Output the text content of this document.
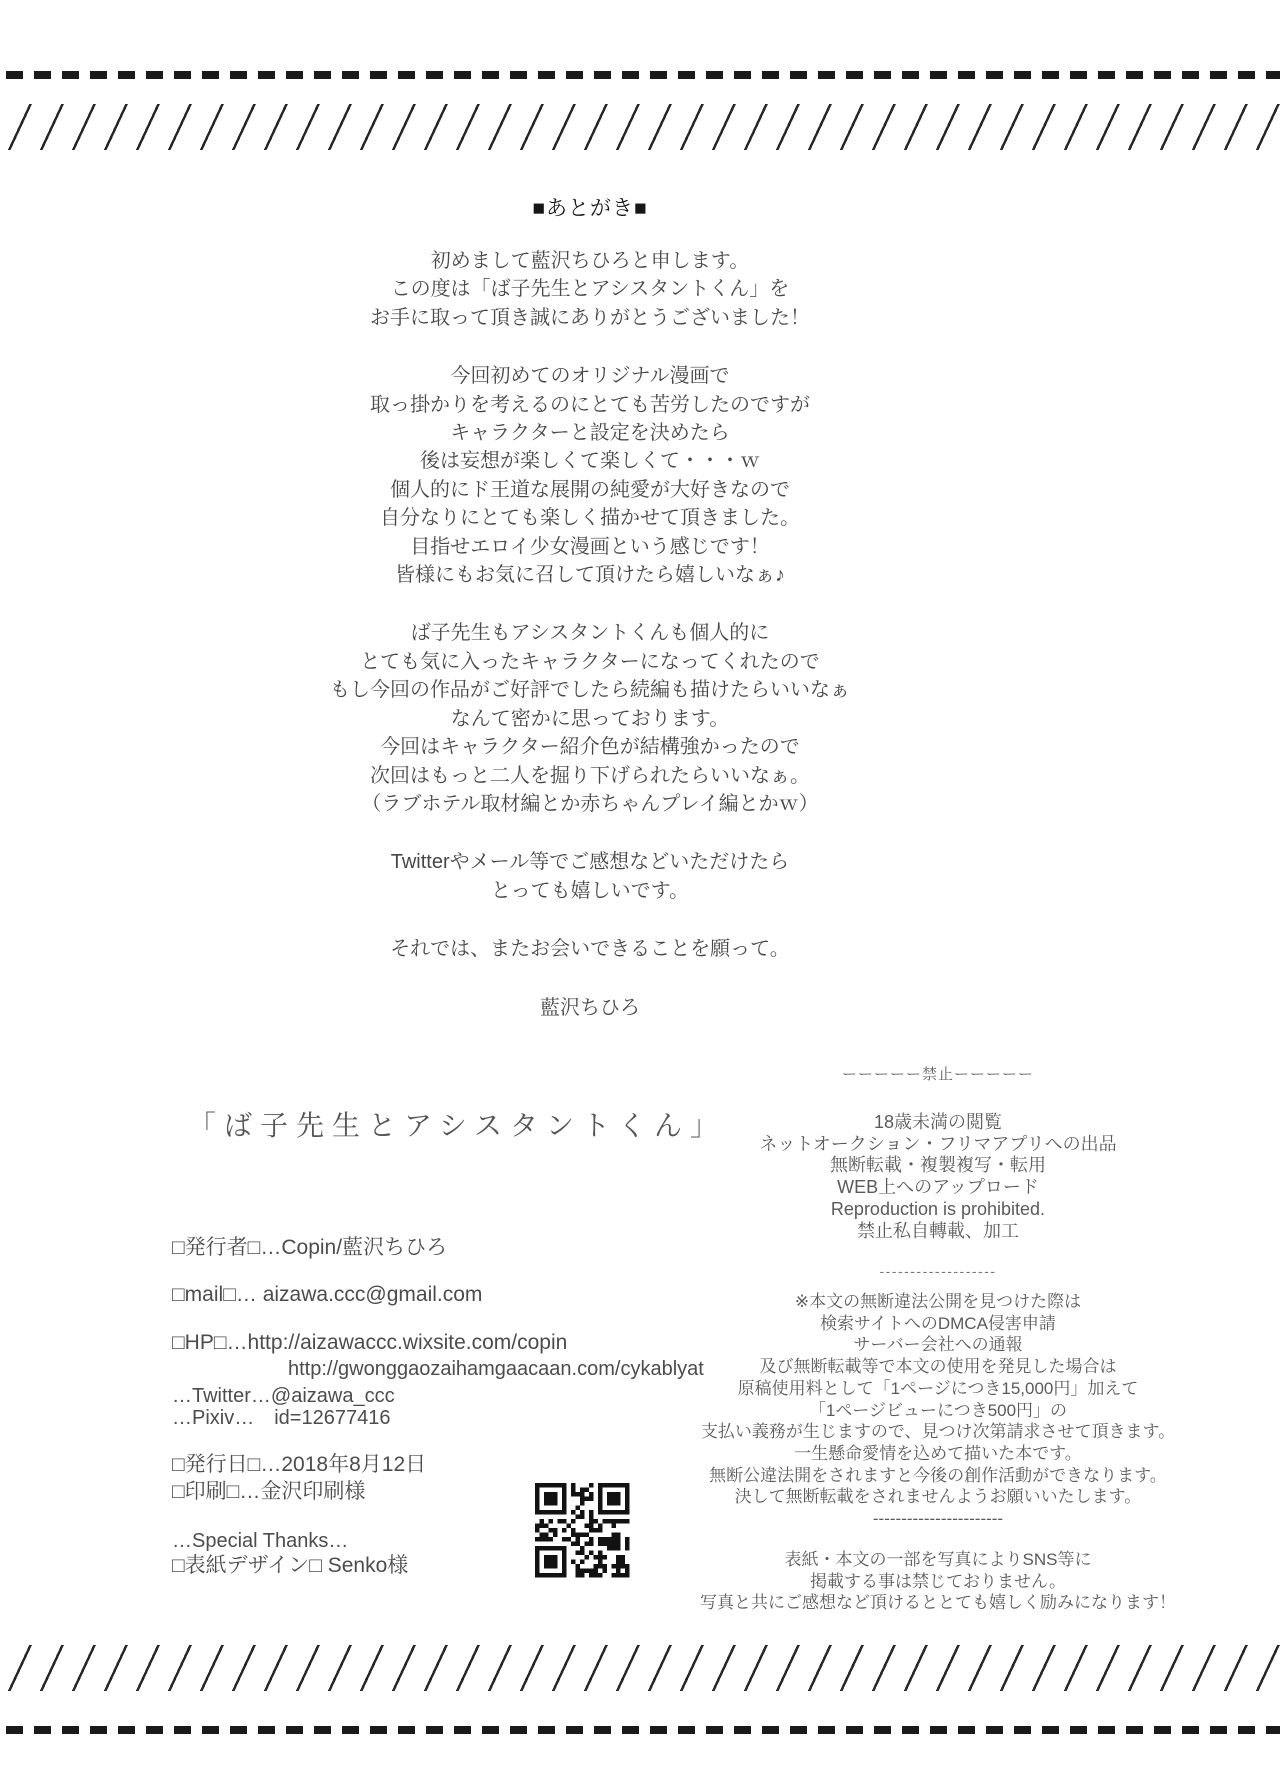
■あとがき■
初めまして藍沢ちひろと申します。
この度は「ば子先生とアシスタントくん」を
お手に取って頂き誠にありがとうございました！
今回初めてのオリジナル漫画で
取っ掛かりを考えるのにとても苦労したのですが
キャラクターと設定を決めたら
後は妄想が楽しくて楽しくて・・・ｗ
個人的にド王道な展開の純愛が大好きなので
自分なりにとても楽しく描かせて頂きました。
目指せエロイ少女漫画という感じです！
皆様にもお気に召して頂けたら嬉しいなぁ♪
ば子先生もアシスタントくんも個人的に
とても気に入ったキャラクターになってくれたので
もし今回の作品がご好評でしたら続編も描けたらいいなぁ
なんて密かに思っております。
今回はキャラクター紹介色が結構強かったので
次回はもっと二人を掘り下げられたらいいなぁ。
（ラブホテル取材編とか赤ちゃんプレイ編とかｗ）
Twitterやメール等でご感想などいただけたら
とっても嬉しいです。
それでは、またお会いできることを願って。
藍沢ちひろ
「ば子先生とアシスタントくん」
□発行者□…Copin/藍沢ちひろ
□mail□… aizawa.ccc@gmail.com
□HP□…http://aizawaccc.wixsite.com/copin
http://gwonggaozaihamgaacaan.com/cykablyat
…Twitter…@aizawa_ccc
…Pixiv…　id=12677416
□発行日□…2018年8月12日
□印刷□…金沢印刷様
…Special Thanks…
□表紙デザイン□ Senko様
ーーーーー禁止ーーーーー
18歳未満の閲覧
ネットオークション・フリマアプリへの出品
無断転載・複製複写・転用
WEB上へのアップロード
Reproduction is prohibited.
禁止私自轉載、加工
-------------------
※本文の無断違法公開を見つけた際は
検索サイトへのDMCA侵害申請
サーバー会社への通報
及び無断転載等で本文の使用を発見した場合は
原稿使用料として「1ページにつき15,000円」加えて
「1ページビューにつき500円」の
支払い義務が生じますので、見つけ次第請求させて頂きます。
一生懸命愛情を込めて描いた本です。
無断公違法開をされますと今後の創作活動ができなります。
決して無断転載をされませんようお願いいたします。
-----------------------
表紙・本文の一部を写真によりSNS等に
掲載する事は禁じておりません。
写真と共にご感想など頂けるととても嬉しく励みになります！
